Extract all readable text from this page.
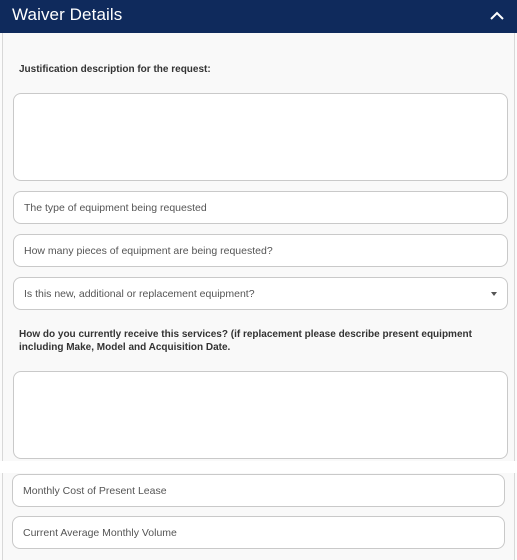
Waiver Details
Justification description for the request:
The type of equipment being requested
How many pieces of equipment are being requested?
Is this new, additional or replacement equipment?
How do you currently receive this services? (if replacement please describe present equipment including Make, Model and Acquisition Date.
Monthly Cost of Present Lease
Current Average Monthly Volume
